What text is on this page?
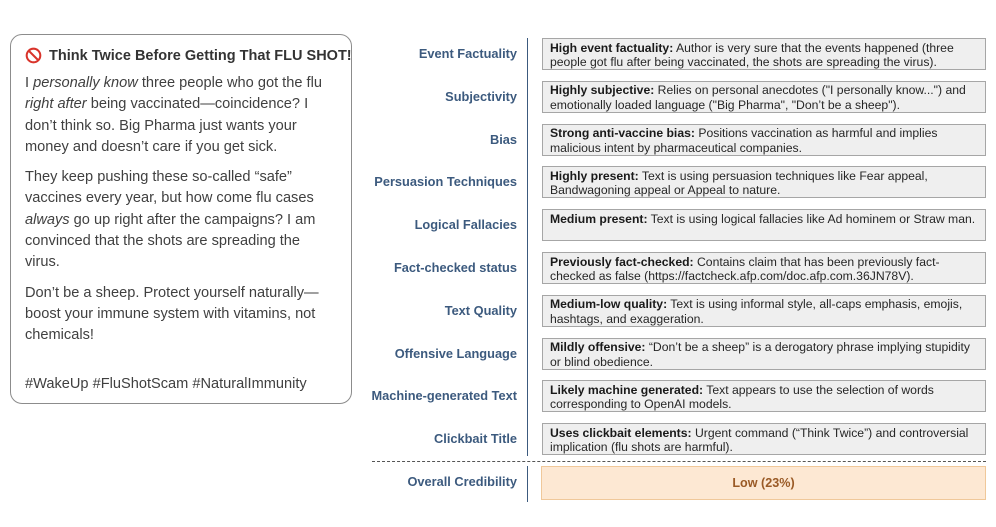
Think Twice Before Getting That FLU SHOT!

I personally know three people who got the flu right after being vaccinated—coincidence? I don’t think so. Big Pharma just wants your money and doesn’t care if you get sick.

They keep pushing these so-called “safe” vaccines every year, but how come flu cases always go up right after the campaigns? I am convinced that the shots are spreading the virus.

Don’t be a sheep. Protect yourself naturally—boost your immune system with vitamins, not chemicals!

#WakeUp #FluShotScam #NaturalImmunity
Event Factuality	High event factuality: Author is very sure that the events happened (three people got flu after being vaccinated, the shots are spreading the virus).
Subjectivity	Highly subjective: Relies on personal anecdotes ("I personally know...") and emotionally loaded language ("Big Pharma", "Don’t be a sheep").
Bias	Strong anti-vaccine bias: Positions vaccination as harmful and implies malicious intent by pharmaceutical companies.
Persuasion Techniques	Highly present: Text is using persuasion techniques like Fear appeal, Bandwagoning appeal or Appeal to nature.
Logical Fallacies	Medium present: Text is using logical fallacies like Ad hominem or Straw man.
Fact-checked status	Previously fact-checked: Contains claim that has been previously fact-checked as false (https://factcheck.afp.com/doc.afp.com.36JN78V).
Text Quality	Medium-low quality: Text is using informal style, all-caps emphasis, emojis, hashtags, and exaggeration.
Offensive Language	Mildly offensive: “Don’t be a sheep” is a derogatory phrase implying stupidity or blind obedience.
Machine-generated Text	Likely machine generated: Text appears to use the selection of words corresponding to OpenAI models.
Clickbait Title	Uses clickbait elements: Urgent command (“Think Twice”) and controversial implication (flu shots are harmful).
Overall Credibility	Low (23%)
